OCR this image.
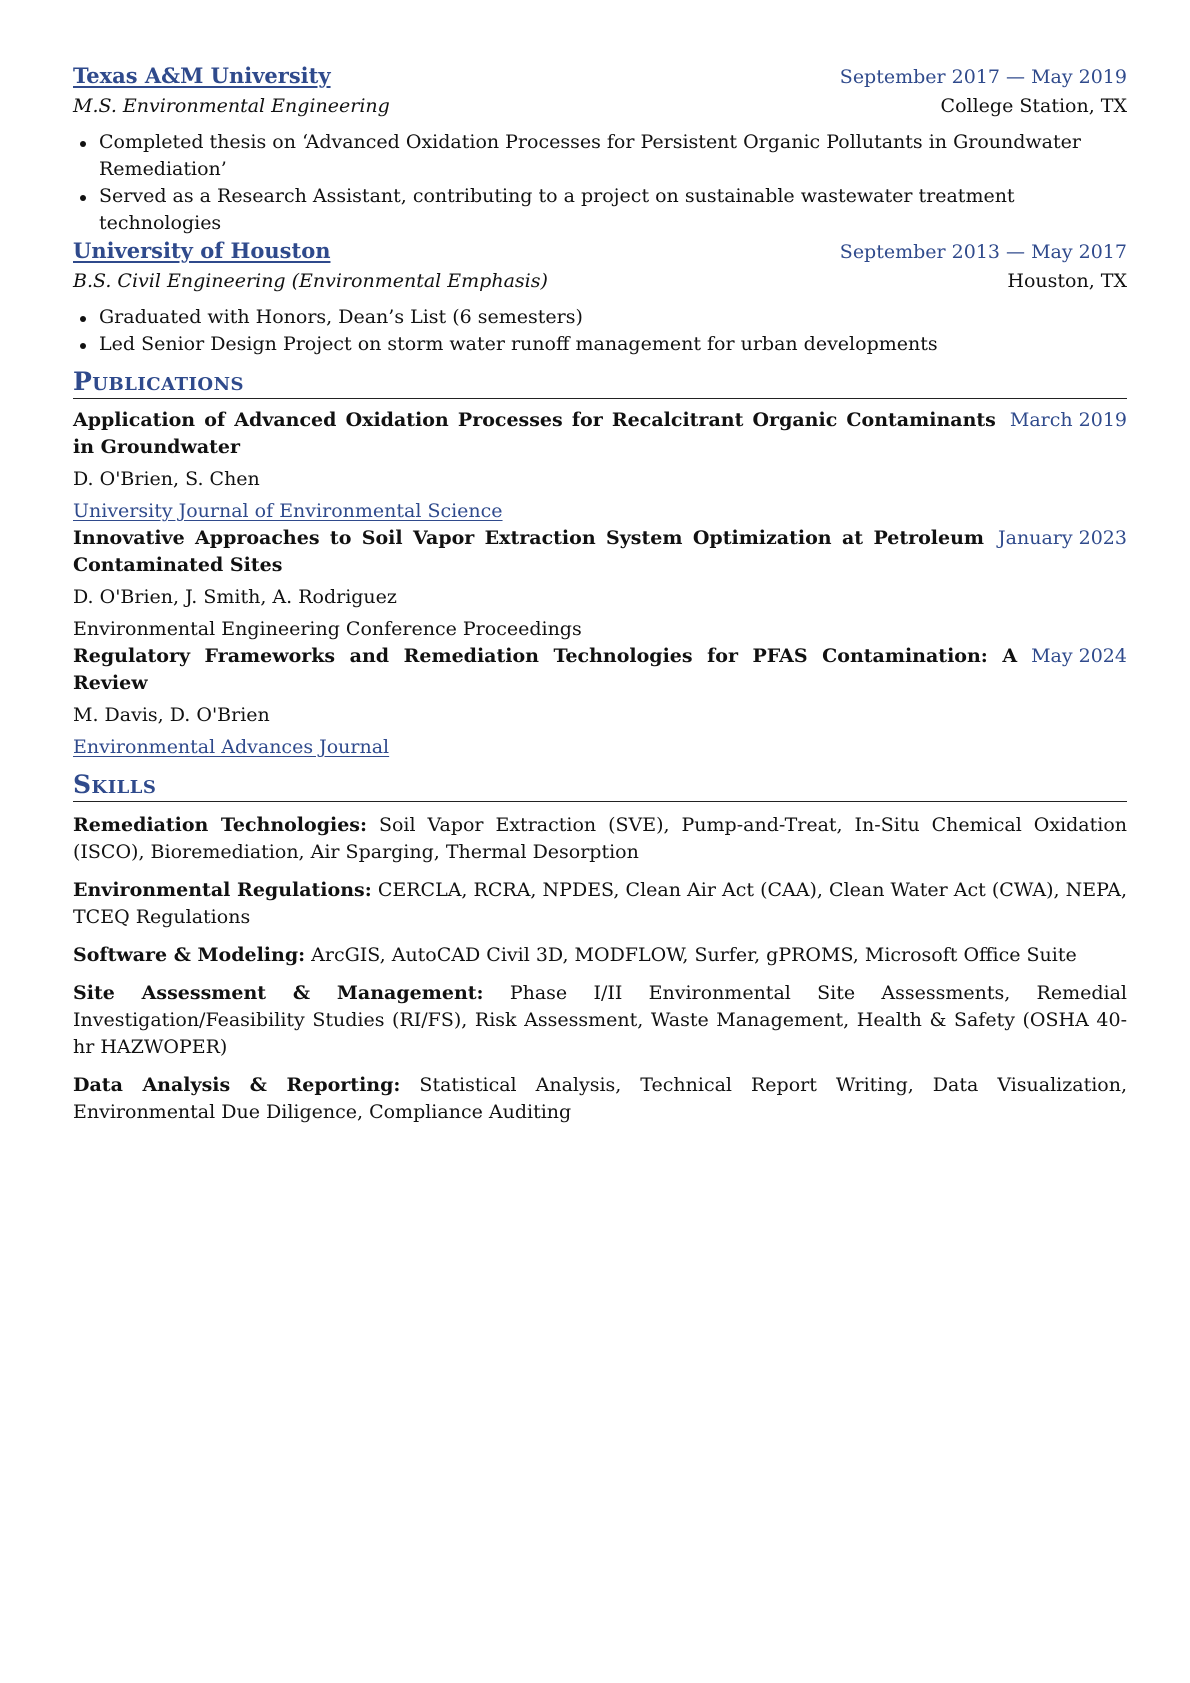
Texas A&M University	September 2017 — May 2019
M.S. Environmental Engineering	College Station, TX
Completed thesis on ‘Advanced Oxidation Processes for Persistent Organic Pollutants in Groundwater Remediation’
Served as a Research Assistant, contributing to a project on sustainable wastewater treatment technologies
University of Houston	September 2013 — May 2017
B.S. Civil Engineering (Environmental Emphasis)	Houston, TX
Graduated with Honors, Dean’s List (6 semesters)
Led Senior Design Project on storm water runoff management for urban developments
Publications
Application of Advanced Oxidation Processes for Recalcitrant Organic Contaminants in Groundwater
March 2019
D. O'Brien, S. Chen
University Journal of Environmental Science
Innovative Approaches to Soil Vapor Extraction System Optimization at Petroleum Contaminated Sites
January 2023
D. O'Brien, J. Smith, A. Rodriguez
Environmental Engineering Conference Proceedings
Regulatory Frameworks and Remediation Technologies for PFAS Contamination: A Review
May 2024
M. Davis, D. O'Brien
Environmental Advances Journal
Skills
Remediation Technologies: Soil Vapor Extraction (SVE), Pump-and-Treat, In-Situ Chemical Oxidation (ISCO), Bioremediation, Air Sparging, Thermal Desorption
Environmental Regulations: CERCLA, RCRA, NPDES, Clean Air Act (CAA), Clean Water Act (CWA), NEPA, TCEQ Regulations
Software & Modeling: ArcGIS, AutoCAD Civil 3D, MODFLOW, Surfer, gPROMS, Microsoft Office Suite
Site Assessment & Management: Phase I/II Environmental Site Assessments, Remedial Investigation/Feasibility Studies (RI/FS), Risk Assessment, Waste Management, Health & Safety (OSHA 40-hr HAZWOPER)
Data Analysis & Reporting: Statistical Analysis, Technical Report Writing, Data Visualization, Environmental Due Diligence, Compliance Auditing
